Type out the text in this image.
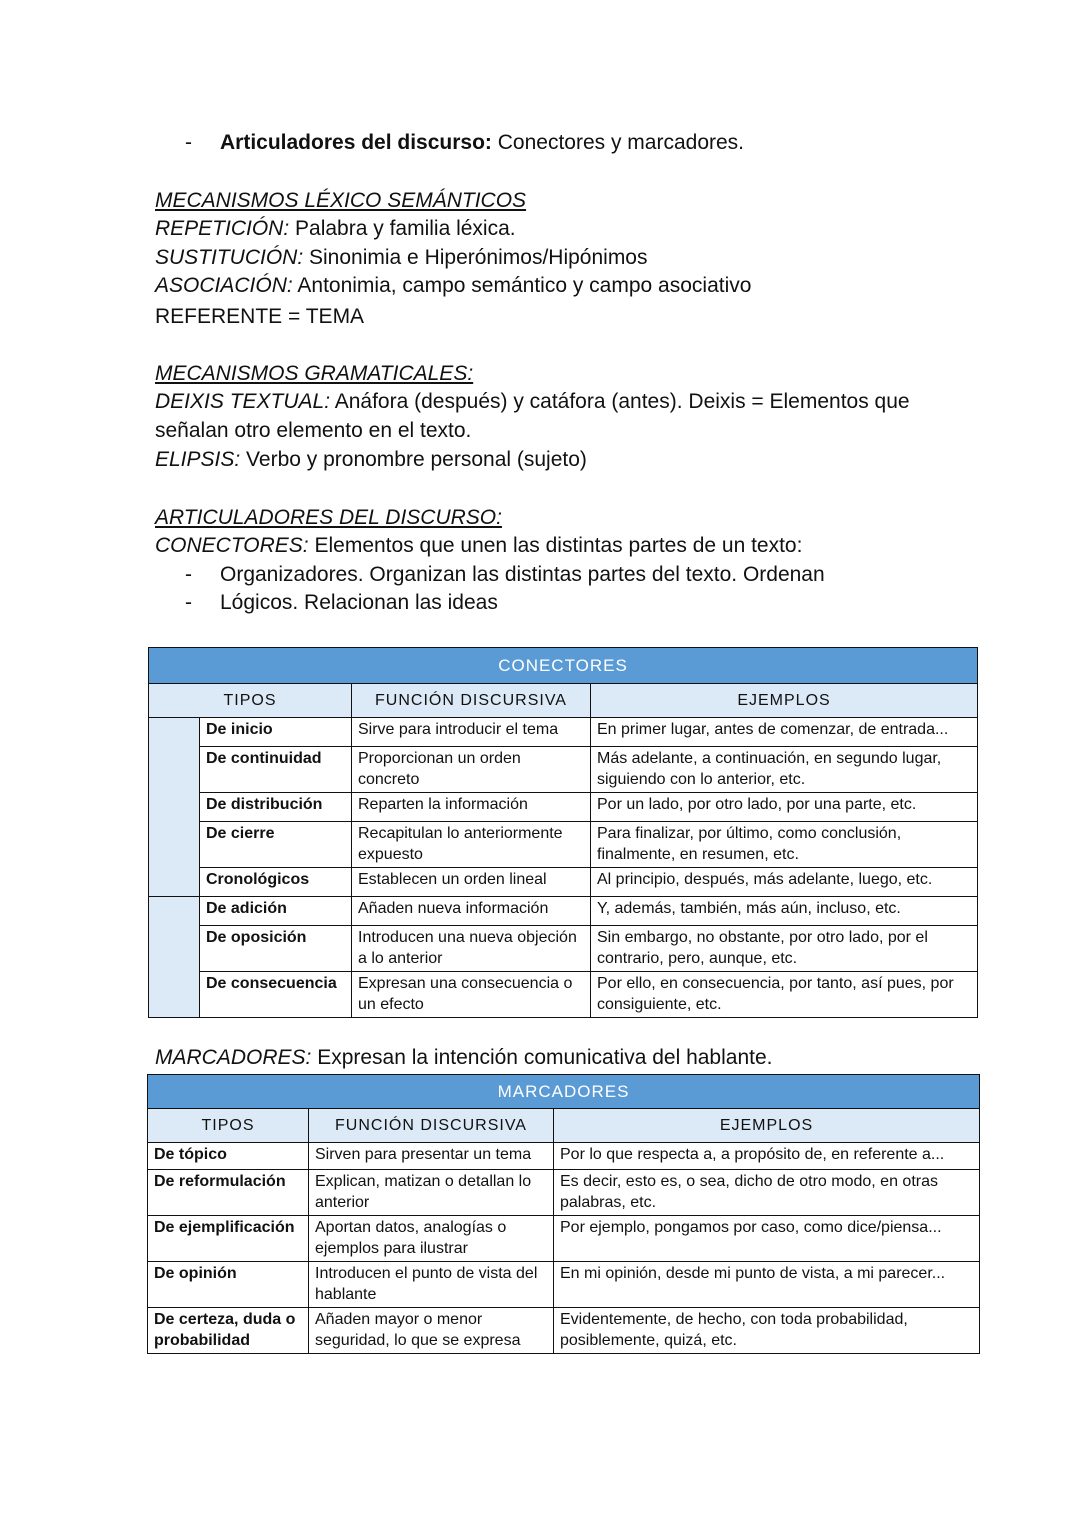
- Articuladores del discurso: Conectores y marcadores.
MECANISMOS LÉXICO SEMÁNTICOS
REPETICIÓN: Palabra y familia léxica.
SUSTITUCIÓN: Sinonimia e Hiperónimos/Hipónimos
ASOCIACIÓN: Antonimia, campo semántico y campo asociativo
REFERENTE = TEMA
MECANISMOS GRAMATICALES:
DEIXIS TEXTUAL: Anáfora (después) y catáfora (antes). Deixis = Elementos que
señalan otro elemento en el texto.
ELIPSIS: Verbo y pronombre personal (sujeto)
ARTICULADORES DEL DISCURSO:
CONECTORES: Elementos que unen las distintas partes de un texto:
- Organizadores. Organizan las distintas partes del texto. Ordenan
- Lógicos. Relacionan las ideas
CONECTORES			
TIPOS		FUNCIÓN DISCURSIVA	EJEMPLOS
	De inicio	Sirve para introducir el tema	En primer lugar, antes de comenzar, de entrada...
	De continuidad	Proporcionan un orden concreto	Más adelante, a continuación, en segundo lugar, siguiendo con lo anterior, etc.
	De distribución	Reparten la información	Por un lado, por otro lado, por una parte, etc.
	De cierre	Recapitulan lo anteriormente expuesto	Para finalizar, por último, como conclusión, finalmente, en resumen, etc.
	Cronológicos	Establecen un orden lineal	Al principio, después, más adelante, luego, etc.
	De adición	Añaden nueva información	Y, además, también, más aún, incluso, etc.
	De oposición	Introducen una nueva objeción a lo anterior	Sin embargo, no obstante, por otro lado, por el contrario, pero, aunque, etc.
	De consecuencia	Expresan una consecuencia o un efecto	Por ello, en consecuencia, por tanto, así pues, por consiguiente, etc.
MARCADORES: Expresan la intención comunicativa del hablante.
MARCADORES		
TIPOS	FUNCIÓN DISCURSIVA	EJEMPLOS
De tópico	Sirven para presentar un tema	Por lo que respecta a, a propósito de, en referente a...
De reformulación	Explican, matizan o detallan lo anterior	Es decir, esto es, o sea, dicho de otro modo, en otras palabras, etc.
De ejemplificación	Aportan datos, analogías o ejemplos para ilustrar	Por ejemplo, pongamos por caso, como dice/piensa...
De opinión	Introducen el punto de vista del hablante	En mi opinión, desde mi punto de vista, a mi parecer...
De certeza, duda o probabilidad	Añaden mayor o menor seguridad, lo que se expresa	Evidentemente, de hecho, con toda probabilidad, posiblemente, quizá, etc.
